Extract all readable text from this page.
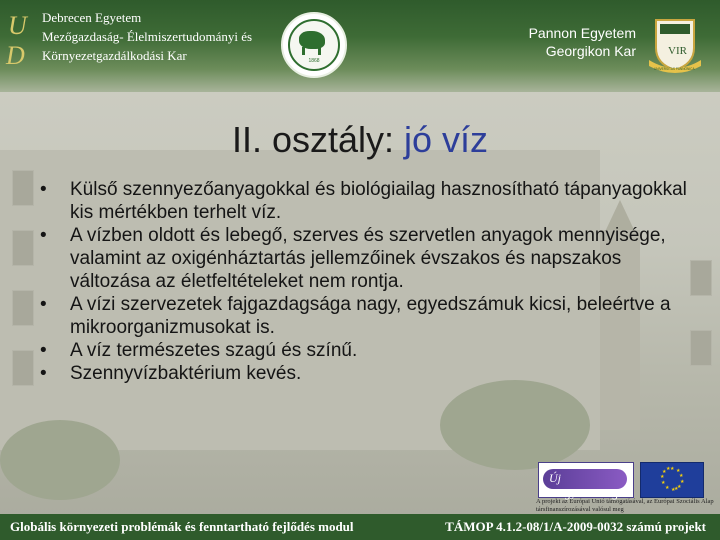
U
D
Debrecen Egyetem
Mezőgazdaság- Élelmiszertudományi és
Környezetgazdálkodási Kar	1868
Pannon Egyetem
Georgikon Kar	VIR
UNIVERSITAS PANNONICA
II. osztály: jó víz
• Külső szennyezőanyagokkal és biológiailag hasznosítható tápanyagokkal kis mértékben terhelt víz.
• A vízben oldott és lebegő, szerves és szervetlen anyagok mennyisége, valamint az oxigénháztartás jellemzőinek évszakos és napszakos változása az életfeltételeket nem rontja.
• A vízi szervezetek fajgazdagsága nagy, egyedszámuk kicsi, beleértve a mikroorganizmusokat is.
• A víz természetes szagú és színű.
• Szennyvízbaktérium kevés.
Új Magyarország
★ ★
★
★
★
★
★
★
★
★ ★
★
A projekt az Európai Unió támogatásával, az Európai Szociális Alap társfinanszírozásával valósul meg
Globális környezeti problémák és fenntartható fejlődés modul	TÁMOP 4.1.2-08/1/A-2009-0032 számú projekt
